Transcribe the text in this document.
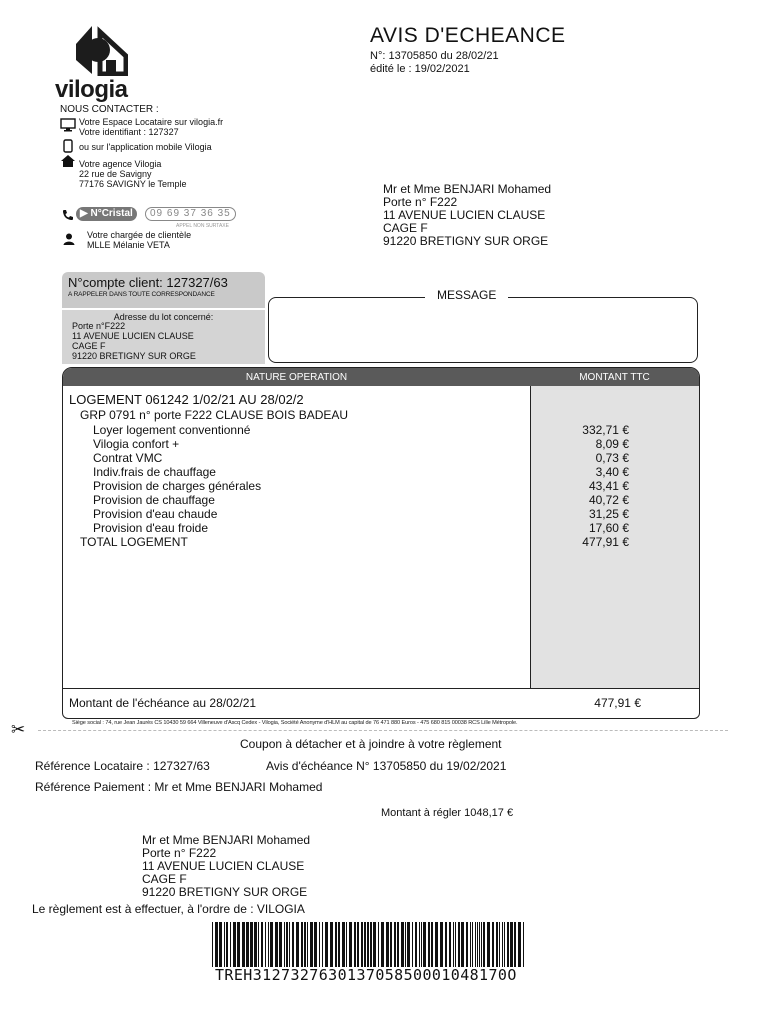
vilogia
AVIS D'ECHEANCE
N°: 13705850 du 28/02/21
édité le : 19/02/2021
NOUS CONTACTER :
Votre Espace Locataire sur vilogia.fr
Votre identifiant : 127327
ou sur l'application mobile Vilogia
Votre agence Vilogia
22 rue de Savigny
77176 SAVIGNY le Temple
▶ N°Cristal	09 69 37 36 35
APPEL NON SURTAXE
Votre chargée de clientèle
MLLE Mélanie VETA
Mr et Mme BENJARI Mohamed
Porte n° F222
11 AVENUE LUCIEN CLAUSE
CAGE F
91220 BRETIGNY SUR ORGE
N°compte client: 127327/63
A RAPPELER DANS TOUTE CORRESPONDANCE
Adresse du lot concerné:
Porte n°F222
11 AVENUE LUCIEN CLAUSE
CAGE F
91220 BRETIGNY SUR ORGE
MESSAGE
NATURE OPERATION	MONTANT TTC
LOGEMENT 061242 1/02/21 AU 28/02/2
GRP 0791 n° porte F222 CLAUSE BOIS BADEAU
Loyer logement conventionné	332,71 €
Vilogia confort +	8,09 €
Contrat VMC	0,73 €
Indiv.frais de chauffage	3,40 €
Provision de charges générales	43,41 €
Provision de chauffage	40,72 €
Provision d'eau chaude	31,25 €
Provision d'eau froide	17,60 €
TOTAL LOGEMENT	477,91 €
Montant de l'échéance au 28/02/21	477,91 €
Siège social : 74, rue Jean Jaurès CS 10430 59 664 Villeneuve d'Ascq Cedex - Vilogia, Société Anonyme d'HLM au capital de 76 471 880 Euros - 475 680 815 00038 RCS Lille Métropole.
✂
Coupon à détacher et à joindre à votre règlement
Référence Locataire : 127327/63	Avis d'échéance N° 13705850 du 19/02/2021
Référence Paiement : Mr et Mme BENJARI Mohamed
Montant à régler 1048,17 €
Mr et Mme BENJARI Mohamed
Porte n° F222
11 AVENUE LUCIEN CLAUSE
CAGE F
91220 BRETIGNY SUR ORGE
Le règlement est à effectuer, à l'ordre de : VILOGIA
TREH312732763013705850001048170O
